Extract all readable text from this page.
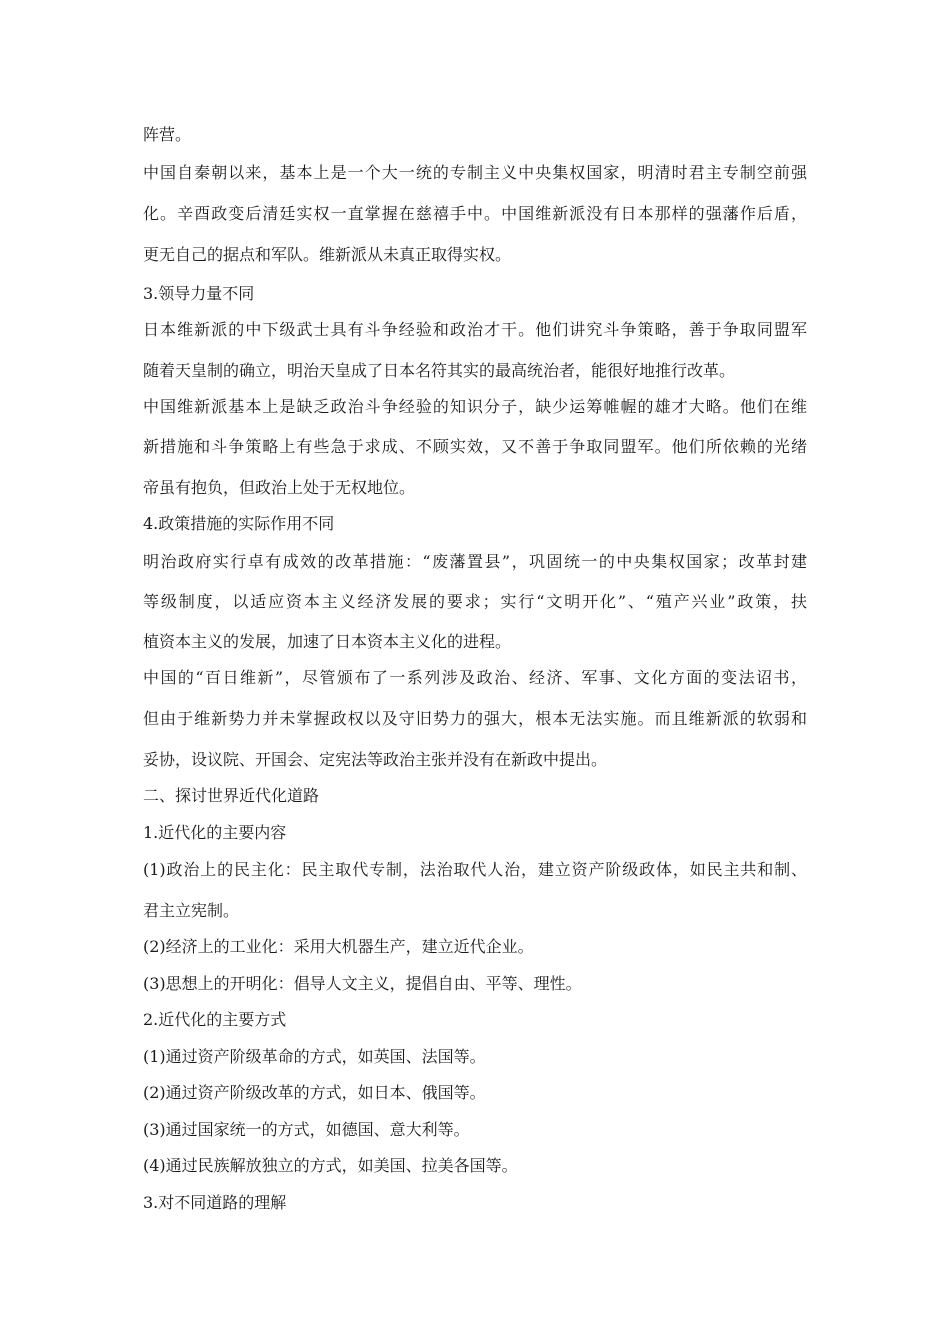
阵营。
中国自秦朝以来，基本上是一个大一统的专制主义中央集权国家，明清时君主专制空前强
化。辛酉政变后清廷实权一直掌握在慈禧手中。中国维新派没有日本那样的强藩作后盾，
更无自己的据点和军队。维新派从未真正取得实权。
3.领导力量不同
日本维新派的中下级武士具有斗争经验和政治才干。他们讲究斗争策略，善于争取同盟军
随着天皇制的确立，明治天皇成了日本名符其实的最高统治者，能很好地推行改革。
中国维新派基本上是缺乏政治斗争经验的知识分子，缺少运筹帷幄的雄才大略。他们在维
新措施和斗争策略上有些急于求成、不顾实效，又不善于争取同盟军。他们所依赖的光绪
帝虽有抱负，但政治上处于无权地位。
4.政策措施的实际作用不同
明治政府实行卓有成效的改革措施：“废藩置县”，巩固统一的中央集权国家；改革封建
等级制度，以适应资本主义经济发展的要求；实行“文明开化”、“殖产兴业”政策，扶
植资本主义的发展，加速了日本资本主义化的进程。
中国的“百日维新”，尽管颁布了一系列涉及政治、经济、军事、文化方面的变法诏书，
但由于维新势力并未掌握政权以及守旧势力的强大，根本无法实施。而且维新派的软弱和
妥协，设议院、开国会、定宪法等政治主张并没有在新政中提出。
二、探讨世界近代化道路
1.近代化的主要内容
(1)政治上的民主化：民主取代专制，法治取代人治，建立资产阶级政体，如民主共和制、
君主立宪制。
(2)经济上的工业化：采用大机器生产，建立近代企业。
(3)思想上的开明化：倡导人文主义，提倡自由、平等、理性。
2.近代化的主要方式
(1)通过资产阶级革命的方式，如英国、法国等。
(2)通过资产阶级改革的方式，如日本、俄国等。
(3)通过国家统一的方式，如德国、意大利等。
(4)通过民族解放独立的方式，如美国、拉美各国等。
3.对不同道路的理解
